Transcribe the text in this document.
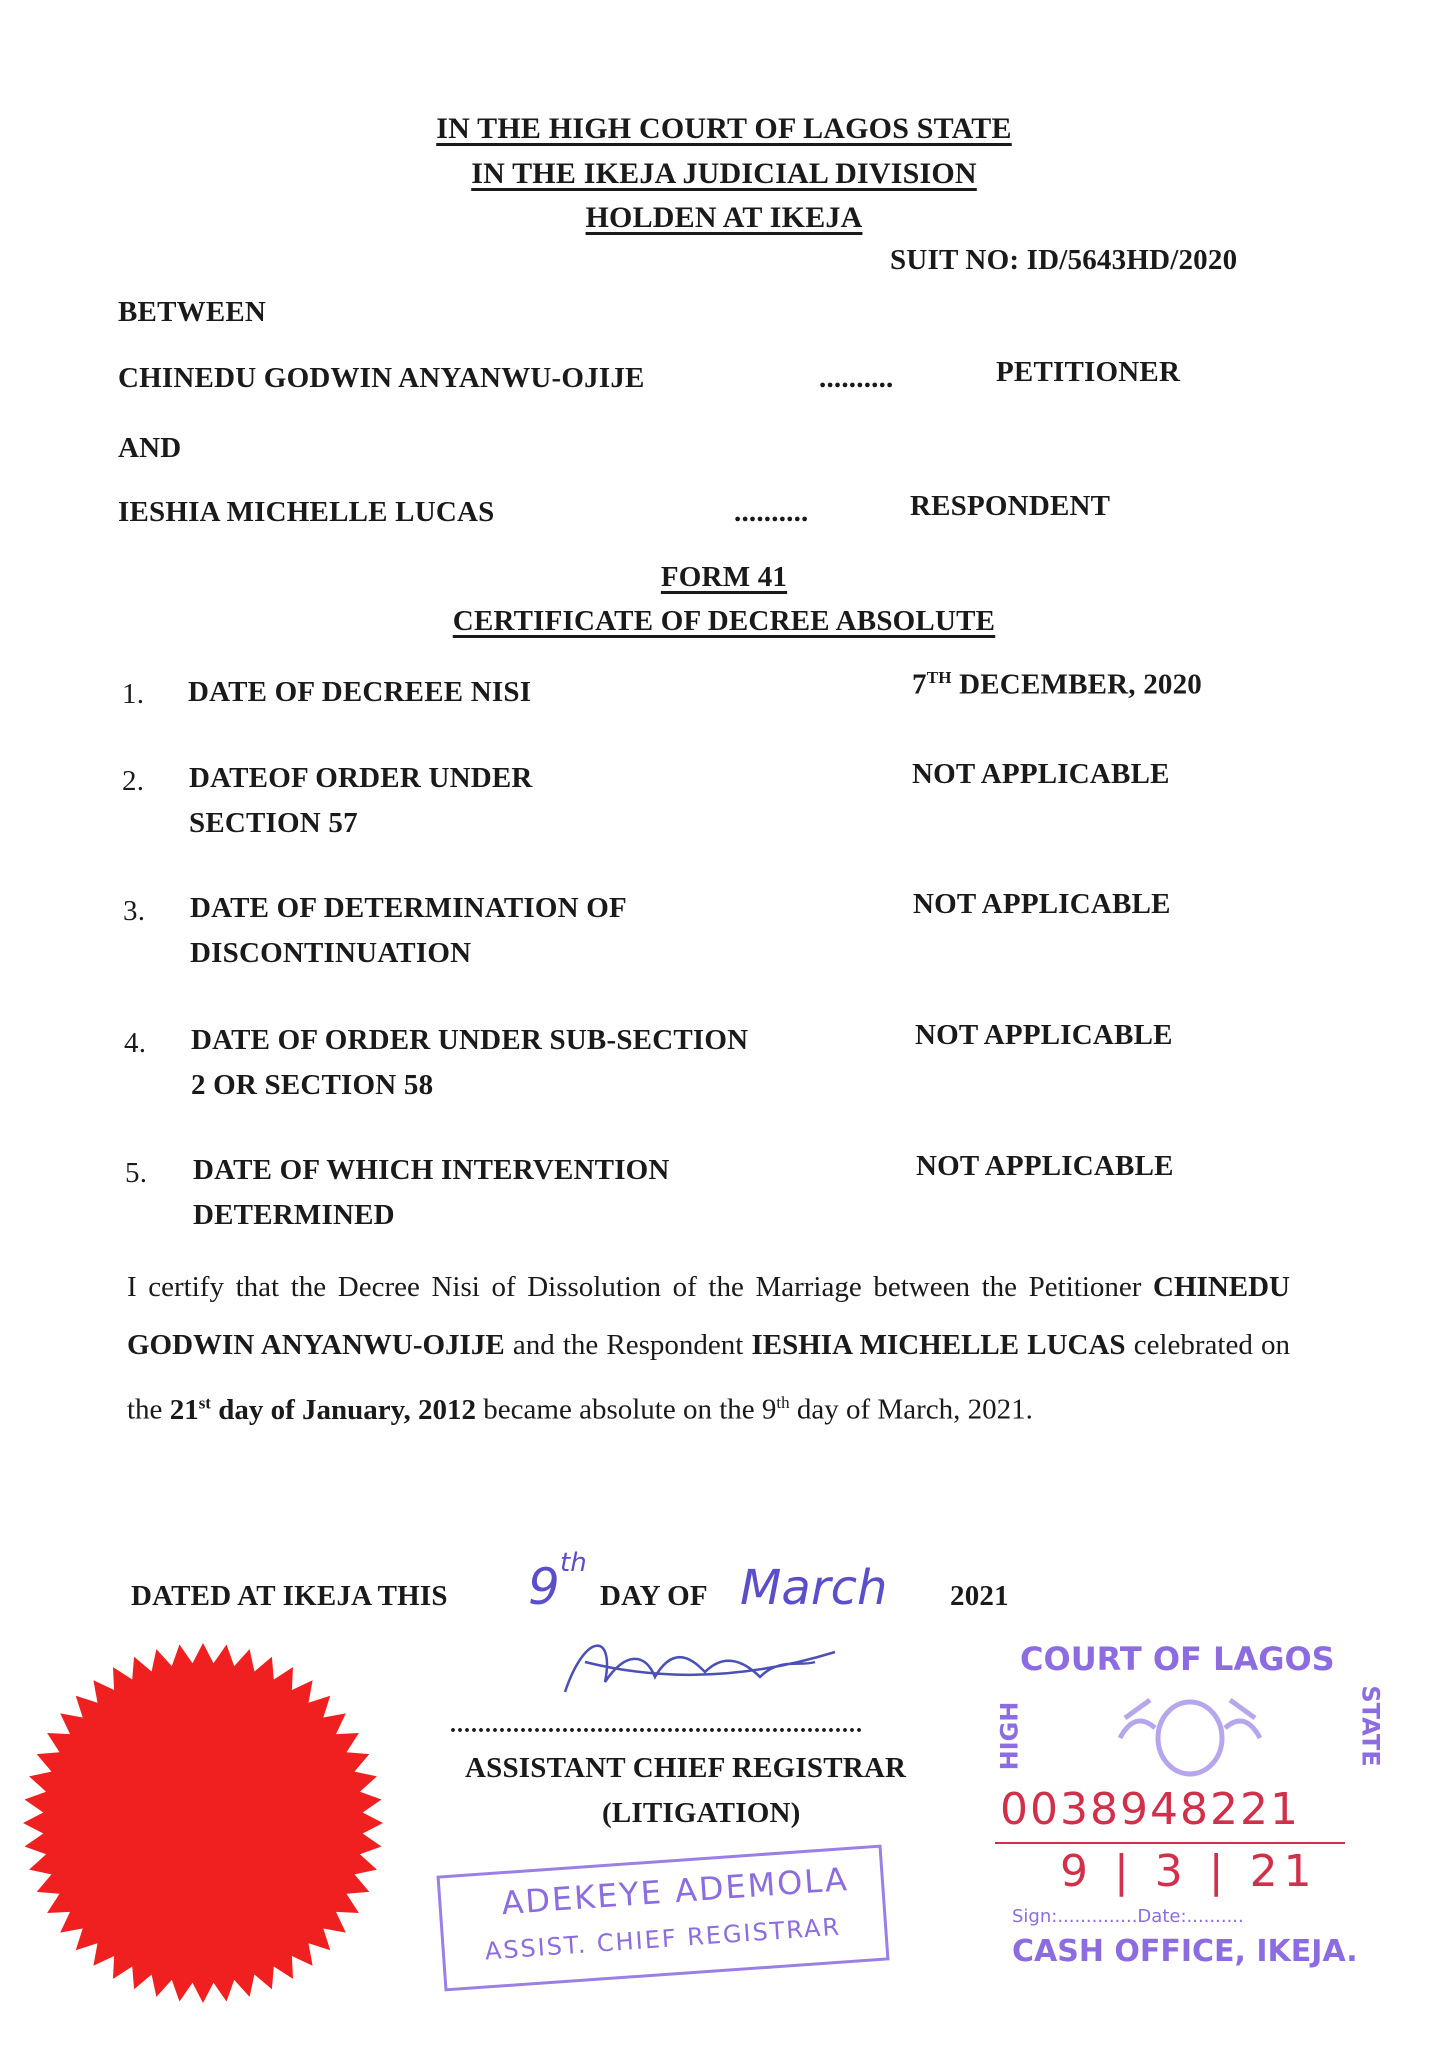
IN THE HIGH COURT OF LAGOS STATE
IN THE IKEJA JUDICIAL DIVISION
HOLDEN AT IKEJA
SUIT NO: ID/5643HD/2020
BETWEEN
CHINEDU GODWIN ANYANWU-OJIJE	..........	PETITIONER
AND
IESHIA MICHELLE LUCAS	..........	RESPONDENT
FORM 41
CERTIFICATE OF DECREE ABSOLUTE
1. DATE OF DECREEE NISI	7TH DECEMBER, 2020
2. DATEOF ORDER UNDER
SECTION 57
NOT APPLICABLE
3. DATE OF DETERMINATION OF
DISCONTINUATION
NOT APPLICABLE
4. DATE OF ORDER UNDER SUB-SECTION
2 OR SECTION 58
NOT APPLICABLE
5. DATE OF WHICH INTERVENTION
DETERMINED
NOT APPLICABLE
I certify that the Decree Nisi of Dissolution of the Marriage between the Petitioner CHINEDU GODWIN ANYANWU-OJIJE and the Respondent IESHIA MICHELLE LUCAS celebrated on the 21st day of January, 2012 became absolute on the 9th day of March, 2021.
DATED AT IKEJA THIS 9 th
DAY OF March 2021
...........................................................
ASSISTANT CHIEF REGISTRAR
(LITIGATION)
ADEKEYE ADEMOLA
ASSIST. CHIEF REGISTRAR
COURT OF LAGOS
HIGH	STATE
0038948221
9 | 3 | 21
Sign:..............Date:..........
CASH OFFICE, IKEJA.
